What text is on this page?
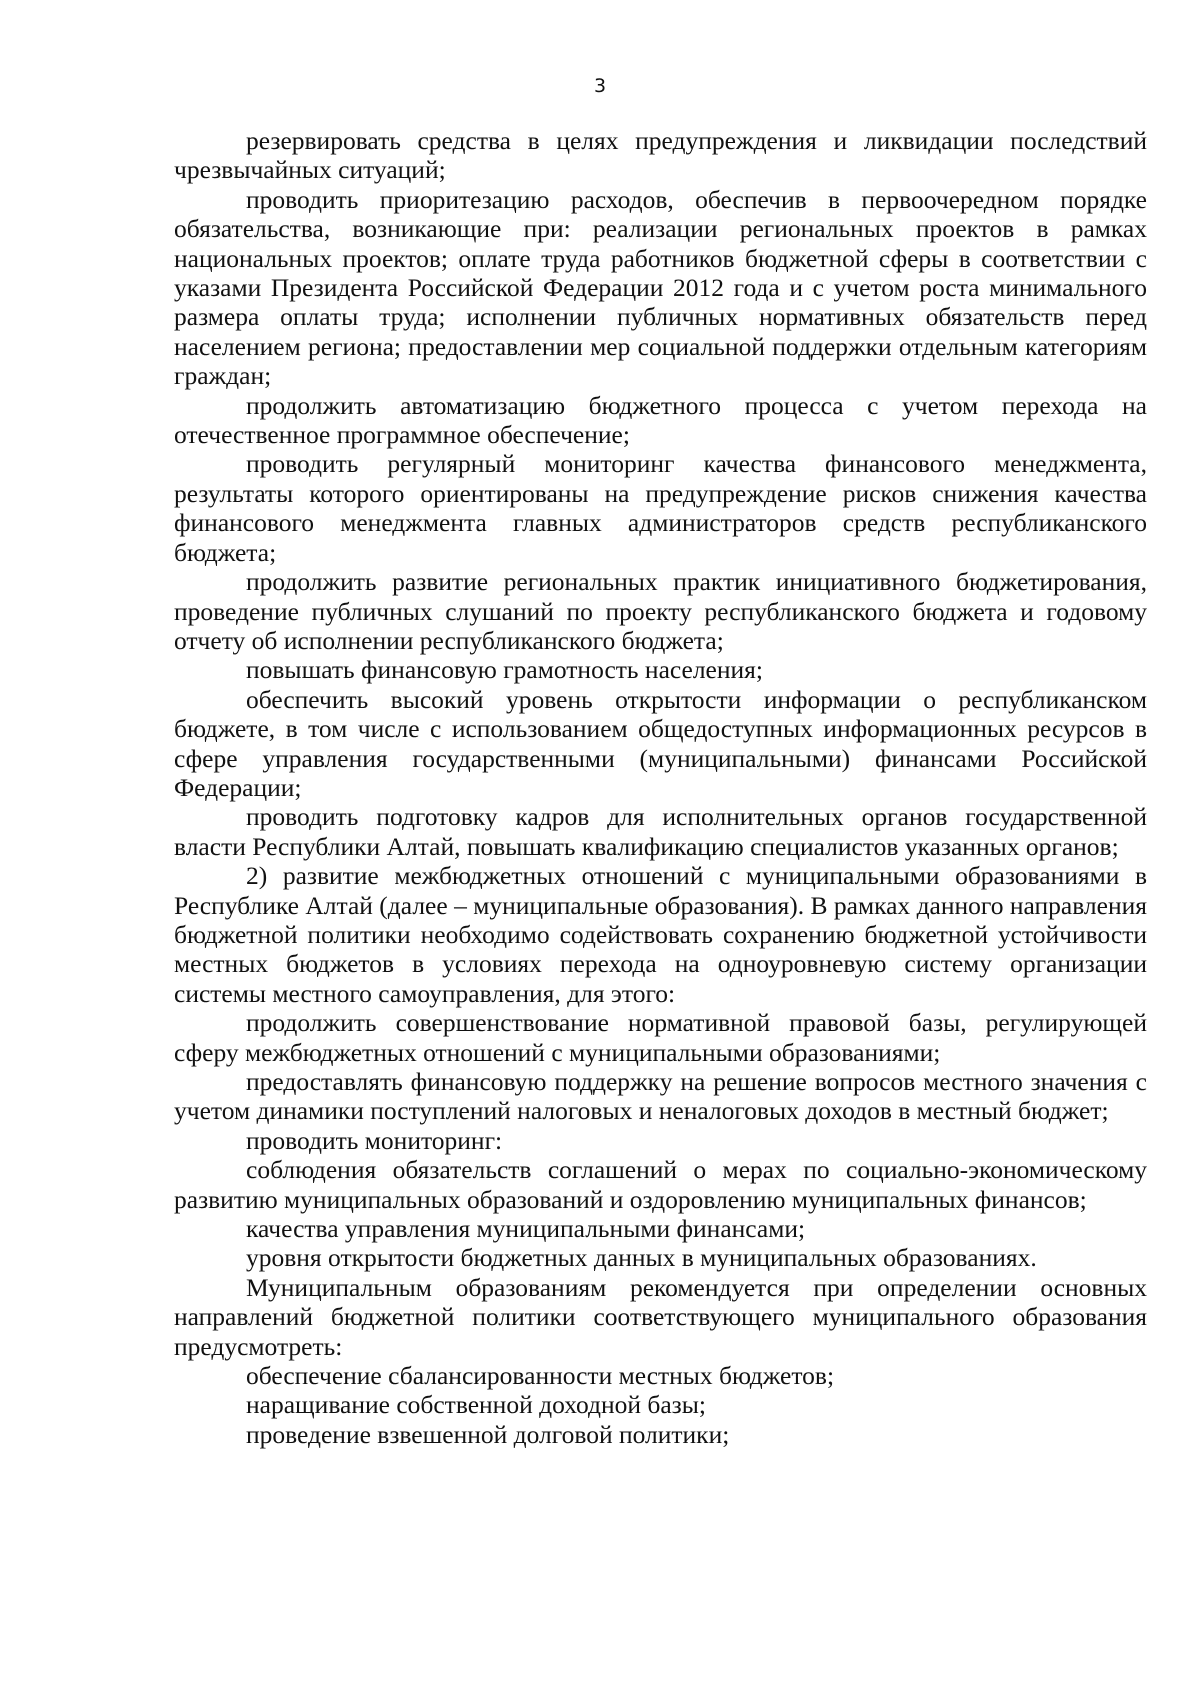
3

резервировать средства в целях предупреждения и ликвидации последствий чрезвычайных ситуаций;

проводить приоритезацию расходов, обеспечив в первоочередном порядке обязательства, возникающие при: реализации региональных проектов в рамках национальных проектов; оплате труда работников бюджетной сферы в соответствии с указами Президента Российской Федерации 2012 года и с учетом роста минимального размера оплаты труда; исполнении публичных нормативных обязательств перед населением региона; предоставлении мер социальной поддержки отдельным категориям граждан;

продолжить автоматизацию бюджетного процесса с учетом перехода на отечественное программное обеспечение;

проводить регулярный мониторинг качества финансового менеджмента, результаты которого ориентированы на предупреждение рисков снижения качества финансового менеджмента главных администраторов средств республиканского бюджета;

продолжить развитие региональных практик инициативного бюджетирования, проведение публичных слушаний по проекту республиканского бюджета и годовому отчету об исполнении республиканского бюджета;

повышать финансовую грамотность населения;

обеспечить высокий уровень открытости информации о республиканском бюджете, в том числе с использованием общедоступных информационных ресурсов в сфере управления государственными (муниципальными) финансами Российской Федерации;

проводить подготовку кадров для исполнительных органов государственной власти Республики Алтай, повышать квалификацию специалистов указанных органов;

2) развитие межбюджетных отношений с муниципальными образованиями в Республике Алтай (далее – муниципальные образования). В рамках данного направления бюджетной политики необходимо содействовать сохранению бюджетной устойчивости местных бюджетов в условиях перехода на одноуровневую систему организации системы местного самоуправления, для этого:

продолжить совершенствование нормативной правовой базы, регулирующей сферу межбюджетных отношений с муниципальными образованиями;

предоставлять финансовую поддержку на решение вопросов местного значения с учетом динамики поступлений налоговых и неналоговых доходов в местный бюджет;

проводить мониторинг:

соблюдения обязательств соглашений о мерах по социально-экономическому развитию муниципальных образований и оздоровлению муниципальных финансов;

качества управления муниципальными финансами;

уровня открытости бюджетных данных в муниципальных образованиях.

Муниципальным образованиям рекомендуется при определении основных направлений бюджетной политики соответствующего муниципального образования предусмотреть:

обеспечение сбалансированности местных бюджетов;

наращивание собственной доходной базы;

проведение взвешенной долговой политики;
